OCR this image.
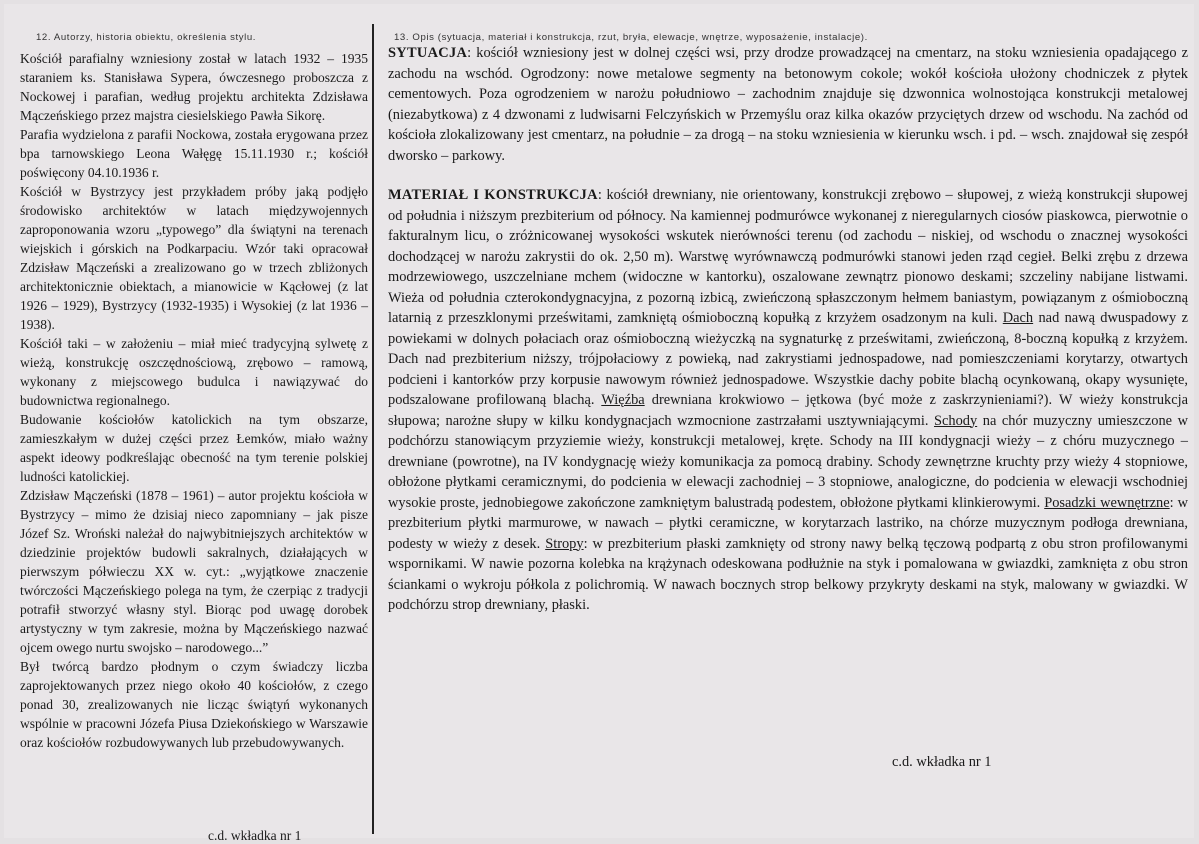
12. Autorzy, historia obiektu, określenia stylu.

Kościół parafialny wzniesiony został w latach 1932 – 1935 staraniem ks. Stanisława Sypera, ówczesnego proboszcza z Nockowej i parafian, według projektu architekta Zdzisława Mączeńskiego przez majstra ciesielskiego Pawła Sikorę.

Parafia wydzielona z parafii Nockowa, została erygowana przez bpa tarnowskiego Leona Wałęgę 15.11.1930 r.; kościół poświęcony 04.10.1936 r.

Kościół w Bystrzycy jest przykładem próby jaką podjęło środowisko architektów w latach międzywojennych zaproponowania wzoru „typowego” dla świątyni na terenach wiejskich i górskich na Podkarpaciu. Wzór taki opracował Zdzisław Mączeński a zrealizowano go w trzech zbliżonych architektonicznie obiektach, a mianowicie w Kącłowej (z lat 1926 – 1929), Bystrzycy (1932-1935) i Wysokiej (z lat 1936 – 1938).

Kościół taki – w założeniu – miał mieć tradycyjną sylwetę z wieżą, konstrukcję oszczędnościową, zrębowo – ramową, wykonany z miejscowego budulca i nawiązywać do budownictwa regionalnego.

Budowanie kościołów katolickich na tym obszarze, zamieszkałym w dużej części przez Łemków, miało ważny aspekt ideowy podkreślając obecność na tym terenie polskiej ludności katolickiej.

Zdzisław Mączeński (1878 – 1961) – autor projektu kościoła w Bystrzycy – mimo że dzisiaj nieco zapomniany – jak pisze Józef Sz. Wroński należał do najwybitniejszych architektów w dziedzinie projektów budowli sakralnych, działających w pierwszym półwieczu XX w. cyt.: „wyjątkowe znaczenie twórczości Mączeńskiego polega na tym, że czerpiąc z tradycji potrafił stworzyć własny styl. Biorąc pod uwagę dorobek artystyczny w tym zakresie, można by Mączeńskiego nazwać ojcem owego nurtu swojsko – narodowego...”

Był twórcą bardzo płodnym o czym świadczy liczba zaprojektowanych przez niego około 40 kościołów, z czego ponad 30, zrealizowanych nie licząc świątyń wykonanych wspólnie w pracowni Józefa Piusa Dziekońskiego w Warszawie oraz kościołów rozbudowywanych lub przebudowywanych.

c.d. wkładka nr 1
13. Opis (sytuacja, materiał i konstrukcja, rzut, bryła, elewacje, wnętrze, wyposażenie, instalacje).

SYTUACJA: kościół wzniesiony jest w dolnej części wsi, przy drodze prowadzącej na cmentarz, na stoku wzniesienia opadającego z zachodu na wschód. Ogrodzony: nowe metalowe segmenty na betonowym cokole; wokół kościoła ułożony chodniczek z płytek cementowych. Poza ogrodzeniem w narożu południowo – zachodnim znajduje się dzwonnica wolnostojąca konstrukcji metalowej (niezabytkowa) z 4 dzwonami z ludwisarni Felczyńskich w Przemyślu oraz kilka okazów przyciętych drzew od wschodu. Na zachód od kościoła zlokalizowany jest cmentarz, na południe – za drogą – na stoku wzniesienia w kierunku wsch. i pd. – wsch. znajdował się zespół dworsko – parkowy.

MATERIAŁ I KONSTRUKCJA: kościół drewniany, nie orientowany, konstrukcji zrębowo – słupowej, z wieżą konstrukcji słupowej od południa i niższym prezbiterium od północy. Na kamiennej podmurówce wykonanej z nieregularnych ciosów piaskowca, pierwotnie o fakturalnym licu, o zróżnicowanej wysokości wskutek nierówności terenu (od zachodu – niskiej, od wschodu o znacznej wysokości dochodzącej w narożu zakrystii do ok. 2,50 m). Warstwę wyrównawczą podmurówki stanowi jeden rząd cegieł. Belki zrębu z drzewa modrzewiowego, uszczelniane mchem (widoczne w kantorku), oszalowane zewnątrz pionowo deskami; szczeliny nabijane listwami. Wieża od południa czterokondygnacyjna, z pozorną izbicą, zwieńczoną spłaszczonym hełmem baniastym, powiązanym z ośmioboczną latarnią z przeszklonymi prześwitami, zamkniętą ośmioboczną kopułką z krzyżem osadzonym na kuli. Dach nad nawą dwuspadowy z powiekami w dolnych połaciach oraz ośmioboczną wieżyczką na sygnaturkę z prześwitami, zwieńczoną, 8-boczną kopułką z krzyżem. Dach nad prezbiterium niższy, trójpołaciowy z powieką, nad zakrystiami jednospadowe, nad pomieszczeniami korytarzy, otwartych podcieni i kantorków przy korpusie nawowym również jednospadowe. Wszystkie dachy pobite blachą ocynkowaną, okapy wysunięte, podszalowane profilowaną blachą. Więźba drewniana krokwiowo – jętkowa (być może z zaskrzynieniami?). W wieży konstrukcja słupowa; narożne słupy w kilku kondygnacjach wzmocnione zastrzałami usztywniającymi. Schody na chór muzyczny umieszczone w podchórzu stanowiącym przyziemie wieży, konstrukcji metalowej, kręte. Schody na III kondygnacji wieży – z chóru muzycznego – drewniane (powrotne), na IV kondygnację wieży komunikacja za pomocą drabiny. Schody zewnętrzne kruchty przy wieży 4 stopniowe, obłożone płytkami ceramicznymi, do podcienia w elewacji zachodniej – 3 stopniowe, analogiczne, do podcienia w elewacji wschodniej wysokie proste, jednobiegowe zakończone zamkniętym balustradą podestem, obłożone płytkami klinkierowymi. Posadzki wewnętrzne: w prezbiterium płytki marmurowe, w nawach – płytki ceramiczne, w korytarzach lastriko, na chórze muzycznym podłoga drewniana, podesty w wieży z desek. Stropy: w prezbiterium płaski zamknięty od strony nawy belką tęczową podpartą z obu stron profilowanymi wspornikami. W nawie pozorna kolebka na krążynach odeskowana podłużnie na styk i pomalowana w gwiazdki, zamknięta z obu stron ściankami o wykroju półkola z polichromią. W nawach bocznych strop belkowy przykryty deskami na styk, malowany w gwiazdki. W podchórzu strop drewniany, płaski.

c.d. wkładka nr 1
